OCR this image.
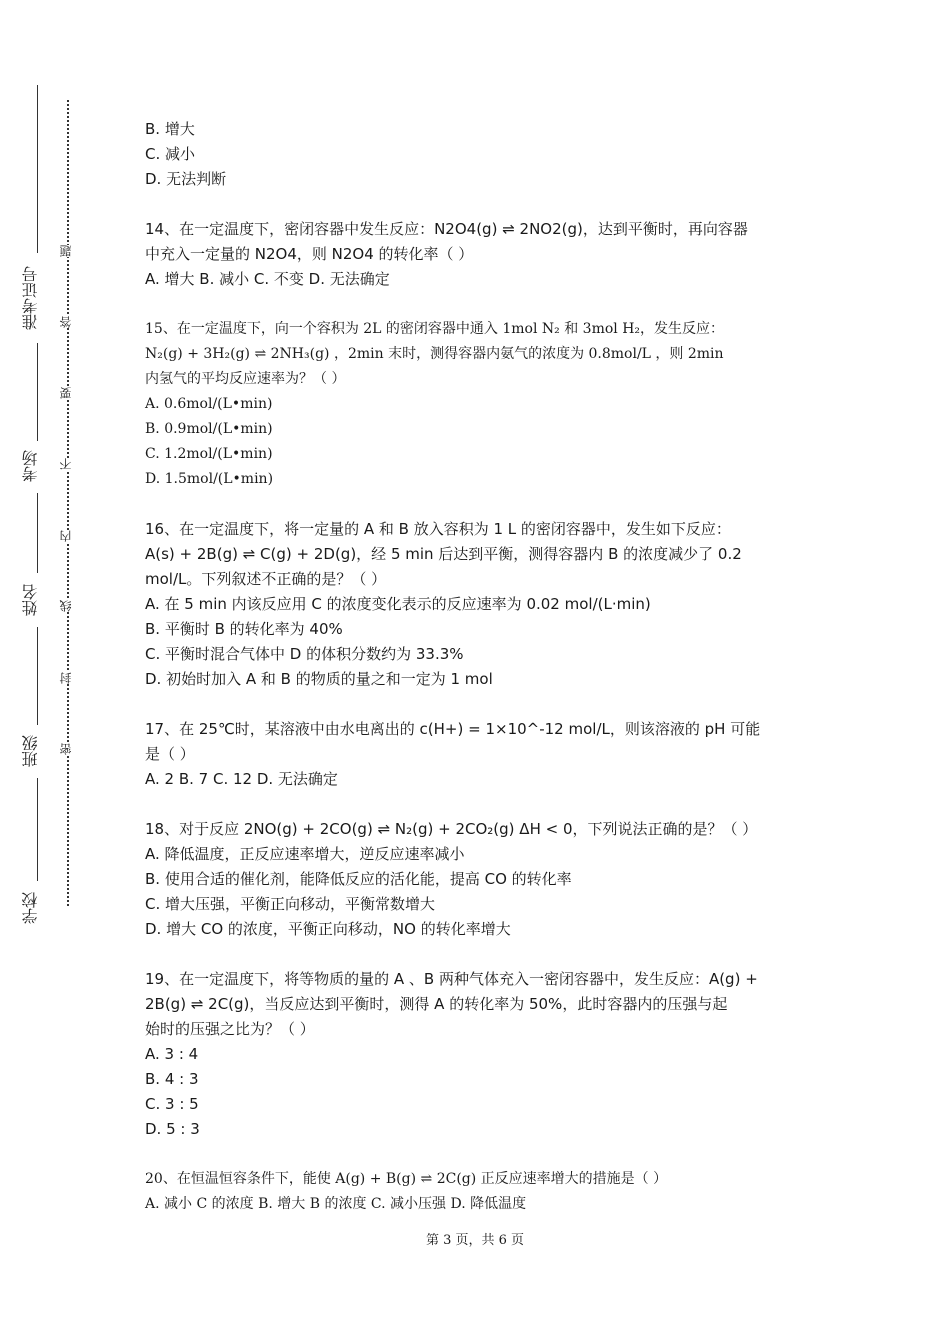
准考证号
考场
姓名
班级
学校
题
答
要
不
内
线
封
密
B. 增大
C. 减小
D. 无法判断
14、在一定温度下，密闭容器中发生反应：N2O4(g) ⇌ 2NO2(g)，达到平衡时，再向容器
中充入一定量的 N2O4，则 N2O4 的转化率（ ）
A. 增大 B. 减小 C. 不变 D. 无法确定
15、在一定温度下，向一个容积为 2L 的密闭容器中通入 1mol N₂ 和 3mol H₂，发生反应：
N₂(g) + 3H₂(g) ⇌ 2NH₃(g) ，2min 末时，测得容器内氨气的浓度为 0.8mol/L ，则 2min
内氢气的平均反应速率为？（ ）
A. 0.6mol/(L•min)
B. 0.9mol/(L•min)
C. 1.2mol/(L•min)
D. 1.5mol/(L•min)
16、在一定温度下，将一定量的 A 和 B 放入容积为 1 L 的密闭容器中，发生如下反应：
A(s) + 2B(g) ⇌ C(g) + 2D(g)，经 5 min 后达到平衡，测得容器内 B 的浓度减少了 0.2
mol/L。下列叙述不正确的是？（ ）
A. 在 5 min 内该反应用 C 的浓度变化表示的反应速率为 0.02 mol/(L·min)
B. 平衡时 B 的转化率为 40%
C. 平衡时混合气体中 D 的体积分数约为 33.3%
D. 初始时加入 A 和 B 的物质的量之和一定为 1 mol
17、在 25℃时，某溶液中由水电离出的 c(H+) = 1×10^-12 mol/L，则该溶液的 pH 可能
是（ ）
A. 2 B. 7 C. 12 D. 无法确定
18、对于反应 2NO(g) + 2CO(g) ⇌ N₂(g) + 2CO₂(g) ΔH < 0，下列说法正确的是？（ ）
A. 降低温度，正反应速率增大，逆反应速率减小
B. 使用合适的催化剂，能降低反应的活化能，提高 CO 的转化率
C. 增大压强，平衡正向移动，平衡常数增大
D. 增大 CO 的浓度，平衡正向移动，NO 的转化率增大
19、在一定温度下，将等物质的量的 A 、B 两种气体充入一密闭容器中，发生反应：A(g) +
2B(g) ⇌ 2C(g)，当反应达到平衡时，测得 A 的转化率为 50%，此时容器内的压强与起
始时的压强之比为？（ ）
A. 3 : 4
B. 4 : 3
C. 3 : 5
D. 5 : 3
20、在恒温恒容条件下，能使 A(g) + B(g) ⇌ 2C(g) 正反应速率增大的措施是（ ）
A. 减小 C 的浓度 B. 增大 B 的浓度 C. 减小压强 D. 降低温度
第 3 页，共 6 页
